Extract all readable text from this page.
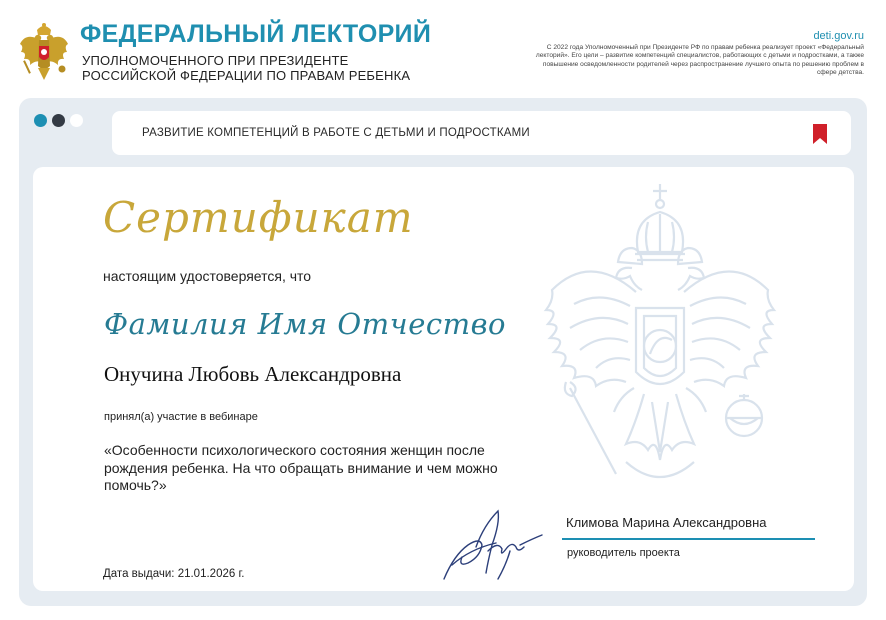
ФЕДЕРАЛЬНЫЙ ЛЕКТОРИЙ
УПОЛНОМОЧЕННОГО ПРИ ПРЕЗИДЕНТЕ
РОССИЙСКОЙ ФЕДЕРАЦИИ ПО ПРАВАМ РЕБЕНКА
deti.gov.ru
С 2022 года Уполномоченный при Президенте РФ по правам ребенка реализует проект «Федеральный лекторий». Его цели – развитие компетенций специалистов, работающих с детьми и подростками, а также повышение осведомленности родителей через распространение лучшего опыта по решению проблем в сфере детства.
РАЗВИТИЕ КОМПЕТЕНЦИЙ В РАБОТЕ С ДЕТЬМИ И ПОДРОСТКАМИ
Сертификат
настоящим удостоверяется, что
Фамилия Имя Отчество
Онучина Любовь Александровна
принял(а) участие в вебинаре
«Особенности психологического состояния женщин после рождения ребенка. На что обращать внимание и чем можно помочь?»
Дата выдачи: 21.01.2026 г.
Климова Марина Александровна
руководитель проекта
